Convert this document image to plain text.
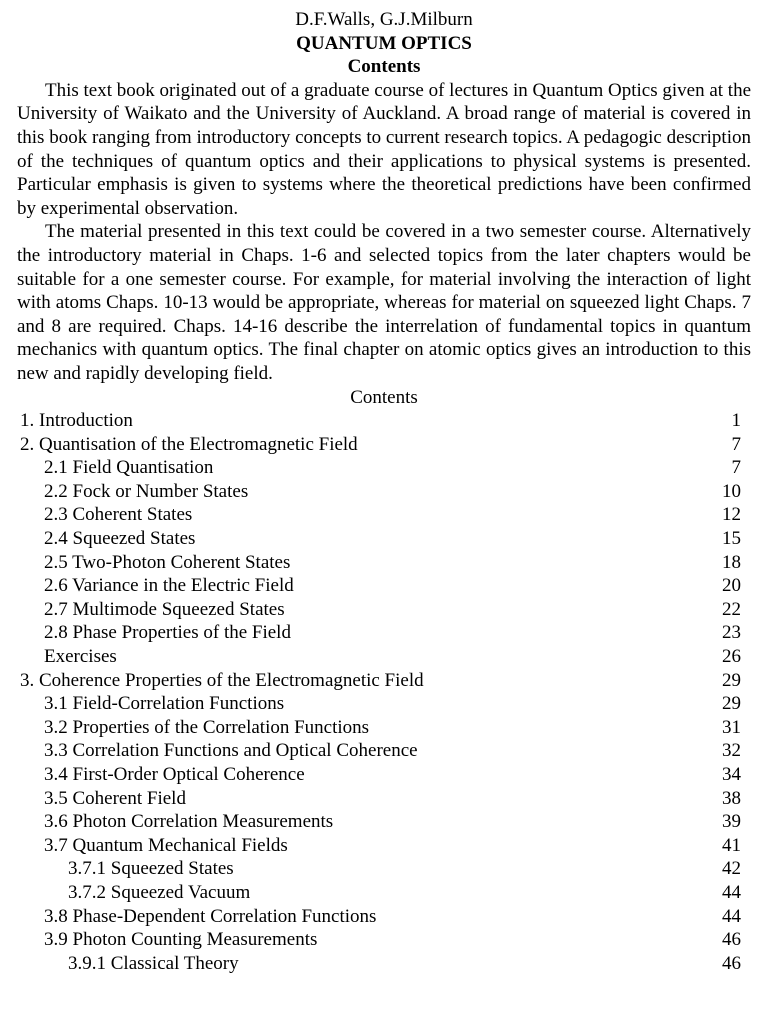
D.F.Walls, G.J.Milburn
QUANTUM OPTICS
Contents

This text book originated out of a graduate course of lectures in Quantum Optics given at the University of Waikato and the University of Auckland. A broad range of material is covered in this book ranging from introductory concepts to current research topics. A pedagogic description of the techniques of quantum optics and their applications to physical systems is presented. Particular emphasis is given to systems where the theoretical predictions have been confirmed by experimental observation.

The material presented in this text could be covered in a two semester course. Alternatively the introductory material in Chaps. 1-6 and selected topics from the later chapters would be suitable for a one semester course. For example, for material involving the interaction of light with atoms Chaps. 10-13 would be appropriate, whereas for material on squeezed light Chaps. 7 and 8 are required. Chaps. 14-16 describe the interrelation of fundamental topics in quantum mechanics with quantum optics. The final chapter on atomic optics gives an introduction to this new and rapidly developing field.

Contents
1. Introduction	1
2. Quantisation of the Electromagnetic Field	7
2.1 Field Quantisation	7
2.2 Fock or Number States	10
2.3 Coherent States	12
2.4 Squeezed States	15
2.5 Two-Photon Coherent States	18
2.6 Variance in the Electric Field	20
2.7 Multimode Squeezed States	22
2.8 Phase Properties of the Field	23
Exercises	26
3. Coherence Properties of the Electromagnetic Field	29
3.1 Field-Correlation Functions	29
3.2 Properties of the Correlation Functions	31
3.3 Correlation Functions and Optical Coherence	32
3.4 First-Order Optical Coherence	34
3.5 Coherent Field	38
3.6 Photon Correlation Measurements	39
3.7 Quantum Mechanical Fields	41
3.7.1 Squeezed States	42
3.7.2 Squeezed Vacuum	44
3.8 Phase-Dependent Correlation Functions	44
3.9 Photon Counting Measurements	46
3.9.1 Classical Theory	46
